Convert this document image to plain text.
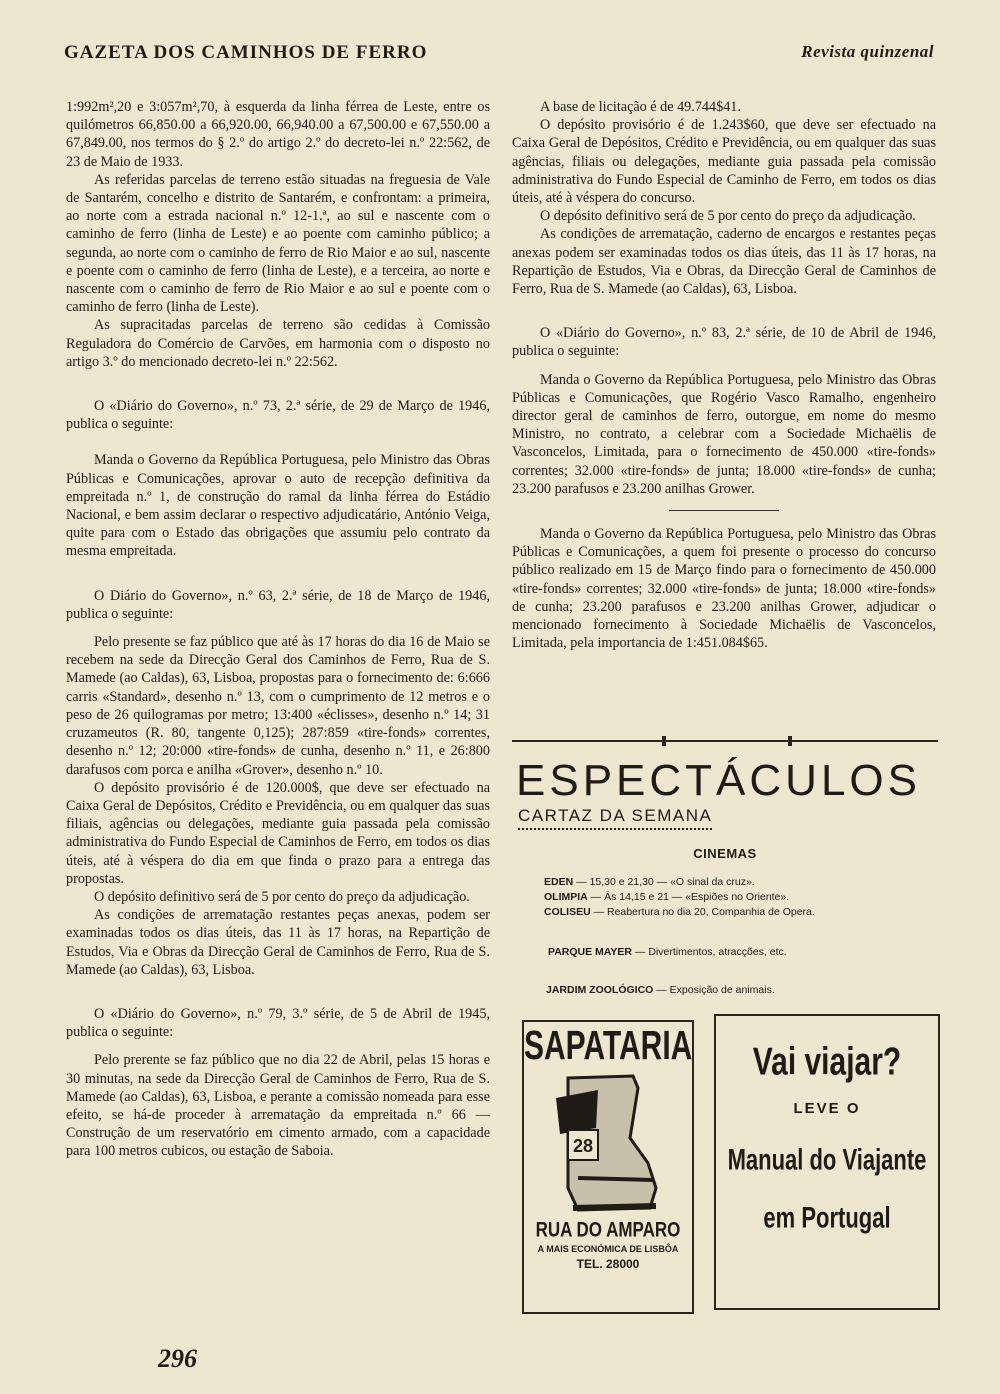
GAZETA DOS CAMINHOS DE FERRO	Revista quinzenal

1:992m²,20 e 3:057m²,70, à esquerda da linha férrea de Leste, entre os quilómetros 66,850.00 a 66,920.00, 66,940.00 a 67,500.00 e 67,550.00 a 67,849.00, nos termos do § 2.º do artigo 2.º do decreto-lei n.º 22:562, de 23 de Maio de 1933.

As referidas parcelas de terreno estão situadas na freguesia de Vale de Santarém, concelho e distrito de Santarém, e confrontam: a primeira, ao norte com a estrada nacional n.º 12-1.ª, ao sul e nascente com o caminho de ferro (linha de Leste) e ao poente com caminho público; a segunda, ao norte com o caminho de ferro de Rio Maior e ao sul, nascente e poente com o caminho de ferro (linha de Leste), e a terceira, ao norte e nascente com o caminho de ferro de Rio Maior e ao sul e poente com o caminho de ferro (linha de Leste).

As supracitadas parcelas de terreno são cedidas à Comissão Reguladora do Comércio de Carvões, em harmonia com o disposto no artigo 3.º do mencionado decreto-lei n.º 22:562.

O «Diário do Governo», n.º 73, 2.ª série, de 29 de Março de 1946, publica o seguinte:

Manda o Governo da República Portuguesa, pelo Ministro das Obras Públicas e Comunicações, aprovar o auto de recepção definitiva da empreitada n.º 1, de construção do ramal da linha férrea do Estádio Nacional, e bem assim declarar o respectivo adjudicatário, António Veiga, quite para com o Estado das obrigações que assumiu pelo contrato da mesma empreitada.

O Diário do Governo», n.º 63, 2.ª série, de 18 de Março de 1946, publica o seguinte:

Pelo presente se faz público que até às 17 horas do dia 16 de Maio se recebem na sede da Direcção Geral dos Caminhos de Ferro, Rua de S. Mamede (ao Caldas), 63, Lisboa, propostas para o fornecimento de: 6:666 carris «Standard», desenho n.º 13, com o cumprimento de 12 metros e o peso de 26 quilogramas por metro; 13:400 «éclisses», desenho n.º 14; 31 cruzameutos (R. 80, tangente 0,125); 287:859 «tire-fonds» correntes, desenho n.º 12; 20:000 «tire-fonds» de cunha, desenho n.º 11, e 26:800 darafusos com porca e anilha «Grover», desenho n.º 10.

O depósito provisório é de 120.000$, que deve ser efectuado na Caixa Geral de Depósitos, Crédito e Previdência, ou em qualquer das suas filiais, agências ou delegações, mediante guia passada pela comissão administrativa do Fundo Especial de Caminhos de Ferro, em todos os dias úteis, até à véspera do dia em que finda o prazo para a entrega das propostas.

O depósito definitivo será de 5 por cento do preço da adjudicação.

As condições de arrematação restantes peças anexas, podem ser examinadas todos os dias úteis, das 11 às 17 horas, na Repartição de Estudos, Via e Obras da Direcção Geral de Caminhos de Ferro, Rua de S. Mamede (ao Caldas), 63, Lisboa.

O «Diário do Governo», n.º 79, 3.º série, de 5 de Abril de 1945, publica o seguinte:

Pelo prerente se faz público que no dia 22 de Abril, pelas 15 horas e 30 minutas, na sede da Direcção Geral de Caminhos de Ferro, Rua de S. Mamede (ao Caldas), 63, Lisboa, e perante a comissão nomeada para esse efeito, se há-de proceder à arrematação da empreitada n.º 66 — Construção de um reservatório em cimento armado, com a capacidade para 100 metros cubicos, ou estação de Saboia.

A base de licitação é de 49.744$41.

O depósito provisório é de 1.243$60, que deve ser efectuado na Caixa Geral de Depósitos, Crédito e Previdência, ou em qualquer das suas agências, filiais ou delegações, mediante guia passada pela comissão administrativa do Fundo Especial de Caminho de Ferro, em todos os dias úteis, até à véspera do concurso.

O depósito definitivo será de 5 por cento do preço da adjudicação.

As condições de arrematação, caderno de encargos e restantes peças anexas podem ser examinadas todos os dias úteis, das 11 às 17 horas, na Repartição de Estudos, Via e Obras, da Direcção Geral de Caminhos de Ferro, Rua de S. Mamede (ao Caldas), 63, Lisboa.

O «Diário do Governo», n.º 83, 2.ª série, de 10 de Abril de 1946, publica o seguinte:

Manda o Governo da República Portuguesa, pelo Ministro das Obras Públicas e Comunicações, que Rogério Vasco Ramalho, engenheiro director geral de caminhos de ferro, outorgue, em nome do mesmo Ministro, no contrato, a celebrar com a Sociedade Michaëlis de Vasconcelos, Limitada, para o fornecimento de 450.000 «tire-fonds» correntes; 32.000 «tire-fonds» de junta; 18.000 «tire-fonds» de cunha; 23.200 parafusos e 23.200 anilhas Grower.

Manda o Governo da República Portuguesa, pelo Ministro das Obras Públicas e Comunicações, a quem foi presente o processo do concurso público realizado em 15 de Março findo para o fornecimento de 450.000 «tire-fonds» correntes; 32.000 «tire-fonds» de junta; 18.000 «tire-fonds» de cunha; 23.200 parafusos e 23.200 anilhas Grower, adjudicar o mencionado fornecimento à Sociedade Michaëlis de Vasconcelos, Limitada, pela importancia de 1:451.084$65.

ESPECTÁCULOS
CARTAZ DA SEMANA
CINEMAS
EDEN — 15,30 e 21,30 — «O sinal da cruz».
OLIMPIA — Ás 14,15 e 21 — «Espiões no Oriente».
COLISEU — Reabertura no dia 20, Companhia de Opera.
PARQUE MAYER — Divertimentos, atracções, etc.
JARDIM ZOOLÓGICO — Exposição de animais.
SAPATARIA
28
RUA DO AMPARO
A MAIS ECONÓMICA DE LISBÔA
TEL. 28000
Vai viajar?
LEVE O
Manual do Viajante
em Portugal
296
